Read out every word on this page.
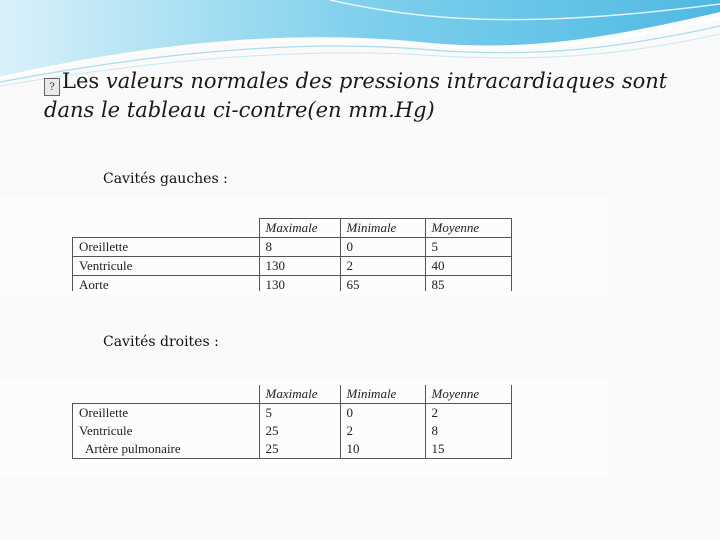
? Les valeurs normales des pressions intracardiaques sont dans le tableau ci-contre(en mm.Hg)
Cavités gauches :
	Maximale	Minimale	Moyenne
Oreillette	8	0	5
Ventricule	130	2	40
Aorte	130	65	85
Cavités droites :
	Maximale	Minimale	Moyenne
Oreillette	5	0	2
Ventricule	25	2	8
Artère pulmonaire	25	10	15
